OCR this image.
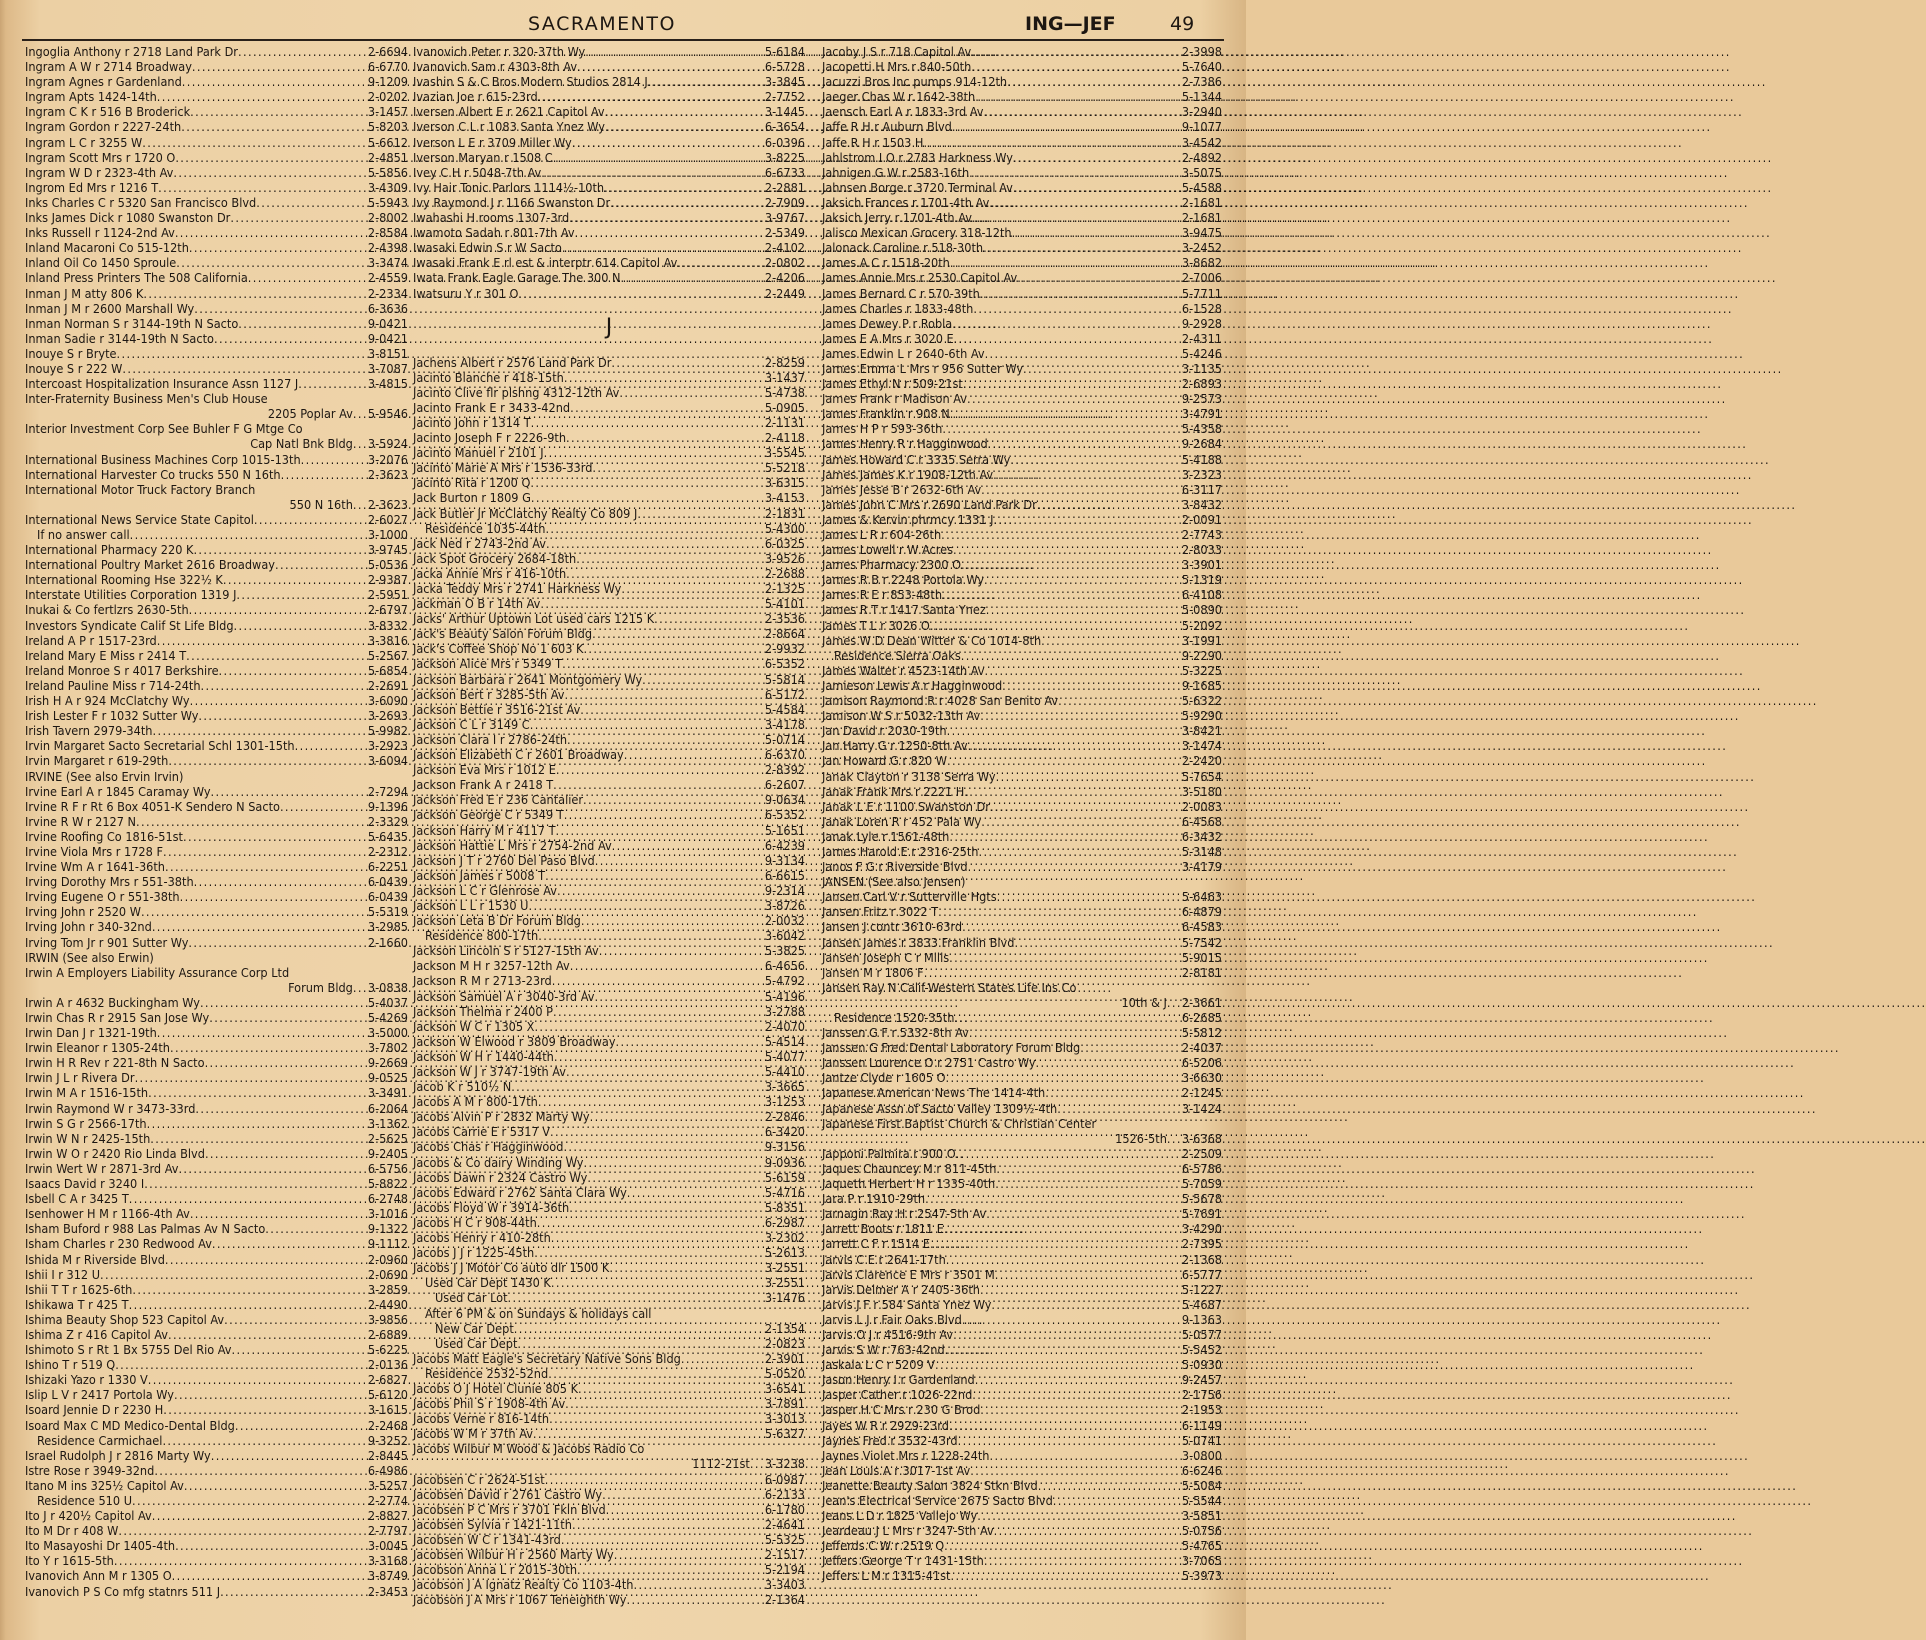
SACRAMENTO	ING—JEF	49
Ingoglia Anthony r 2718 Land Park Dr .....	2-6694
Ingram A W r 2714 Broadway .....	6-6770
Ingram Agnes r Gardenland .....	9-1209
Ingram Apts 1424-14th .....	2-0202
Ingram C K r 516 B Broderick .....	3-1457
Ingram Gordon r 2227-24th .....	5-8203
Ingram L C r 3255 W .....	5-6612
Ingram Scott Mrs r 1720 O .....	2-4851
Ingram W D r 2323-4th Av .....	5-5856
Ingrom Ed Mrs r 1216 T .....	3-4309
Inks Charles C r 5320 San Francisco Blvd .....	5-5943
Inks James Dick r 1080 Swanston Dr .....	2-8002
Inks Russell r 1124-2nd Av .....	2-8584
Inland Macaroni Co 515-12th .....	2-4398
Inland Oil Co 1450 Sproule .....	3-3474
Inland Press Printers The 508 California .....	2-4559
Inman J M atty 806 K .....	2-2334
Inman J M r 2600 Marshall Wy .....	6-3636
Inman Norman S r 3144-19th N Sacto .....	9-0421
Inman Sadie r 3144-19th N Sacto .....	9-0421
Inouye S r Bryte .....	3-8151
Inouye S r 222 W .....	3-7087
Intercoast Hospitalization Insurance Assn 1127 J .....	3-4815
Inter-Fraternity Business Men's Club House
2205 Poplar Av ..... 5-9546
Interior Investment Corp See Buhler F G Mtge Co
Cap Natl Bnk Bldg ..... 3-5924
International Business Machines Corp 1015-13th .....	3-2076
International Harvester Co trucks 550 N 16th .....	2-3623
International Motor Truck Factory Branch
550 N 16th ..... 2-3623
International News Service State Capitol .....	2-6027
If no answer call .....	3-1000
International Pharmacy 220 K .....	3-9745
International Poultry Market 2616 Broadway .....	5-0536
International Rooming Hse 322½ K .....	2-9387
Interstate Utilities Corporation 1319 J .....	2-5951
Inukai & Co fertlzrs 2630-5th .....	2-6797
Investors Syndicate Calif St Life Bldg .....	3-8332
Ireland A P r 1517-23rd .....	3-3816
Ireland Mary E Miss r 2414 T .....	5-2567
Ireland Monroe S r 4017 Berkshire .....	5-6854
Ireland Pauline Miss r 714-24th .....	2-2691
Irish H A r 924 McClatchy Wy .....	3-6090
Irish Lester F r 1032 Sutter Wy .....	3-2693
Irish Tavern 2979-34th .....	5-9982
Irvin Margaret Sacto Secretarial Schl 1301-15th .....	3-2923
Irvin Margaret r 619-29th .....	3-6094
IRVINE (See also Ervin Irvin)
Irvine Earl A r 1845 Caramay Wy .....	2-7294
Irvine R F r Rt 6 Box 4051-K Sendero N Sacto .....	9-1396
Irvine R W r 2127 N .....	2-3329
Irvine Roofing Co 1816-51st .....	5-6435
Irvine Viola Mrs r 1728 F .....	2-2312
Irvine Wm A r 1641-36th .....	6-2251
Irving Dorothy Mrs r 551-38th .....	6-0439
Irving Eugene O r 551-38th .....	6-0439
Irving John r 2520 W .....	5-5319
Irving John r 340-32nd .....	3-2985
Irving Tom Jr r 901 Sutter Wy .....	2-1660
IRWIN (See also Erwin)
Irwin A Employers Liability Assurance Corp Ltd
Forum Bldg ..... 3-0838
Irwin A r 4632 Buckingham Wy .....	5-4037
Irwin Chas R r 2915 San Jose Wy .....	5-4269
Irwin Dan J r 1321-19th .....	3-5000
Irwin Eleanor r 1305-24th .....	3-7802
Irwin H R Rev r 221-8th N Sacto .....	9-2669
Irwin J L r Rivera Dr .....	9-0525
Irwin M A r 1516-15th .....	3-3491
Irwin Raymond W r 3473-33rd .....	6-2064
Irwin S G r 2566-17th .....	3-1362
Irwin W N r 2425-15th .....	2-5625
Irwin W O r 2420 Rio Linda Blvd .....	9-2405
Irwin Wert W r 2871-3rd Av .....	6-5756
Isaacs David r 3240 I .....	5-8822
Isbell C A r 3425 T .....	6-2748
Isenhower H M r 1166-4th Av .....	3-1016
Isham Buford r 988 Las Palmas Av N Sacto .....	9-1322
Isham Charles r 230 Redwood Av .....	9-1112
Ishida M r Riverside Blvd .....	2-0960
Ishii I r 312 U .....	2-0690
Ishii T T r 1625-6th .....	3-2859
Ishikawa T r 425 T .....	2-4490
Ishima Beauty Shop 523 Capitol Av .....	3-9856
Ishima Z r 416 Capitol Av .....	2-6889
Ishimoto S r Rt 1 Bx 5755 Del Rio Av .....	5-6225
Ishino T r 519 Q .....	2-0136
Ishizaki Yazo r 1330 V .....	2-6827
Islip L V r 2417 Portola Wy .....	5-6120
Isoard Jennie D r 2230 H .....	3-1615
Isoard Max C MD Medico-Dental Bldg .....	2-2468
Residence Carmichael .....	9-3252
Israel Rudolph J r 2816 Marty Wy .....	2-8445
Istre Rose r 3949-32nd .....	6-4986
Itano M ins 325½ Capitol Av .....	3-5257
Residence 510 U .....	2-2774
Ito J r 420½ Capitol Av .....	2-8827
Ito M Dr r 408 W .....	2-7797
Ito Masayoshi Dr 1405-4th .....	3-0045
Ito Y r 1615-5th .....	3-3168
Ivanovich Ann M r 1305 O .....	3-8749
Ivanovich P S Co mfg statnrs 511 J .....	2-3453
Ivanovich Peter r 320-37th Wy .....	5-6184
Ivanovich Sam r 4303-8th Av .....	6-5728
Ivashin S & C Bros Modern Studios 2814 J .....	3-3845
Ivazian Joe r 615-23rd .....	2-7752
Iversen Albert E r 2621 Capitol Av .....	3-1445
Iverson C L r 1083 Santa Ynez Wy .....	6-3654
Iverson L E r 3709 Miller Wy .....	6-0396
Iverson Maryan r 1508 C .....	3-8225
Ivey C H r 5048-7th Av .....	6-6733
Ivy Hair Tonic Parlors 1114½-10th .....	2-2881
Ivy Raymond J r 1166 Swanston Dr .....	2-7909
Iwahashi H rooms 1307-3rd .....	3-9767
Iwamoto Sadah r 801-7th Av .....	2-5349
Iwasaki Edwin S r W Sacto .....	2-4102
Iwasaki Frank E rl est & interptr 614 Capitol Av .....	2-0802
Iwata Frank Eagle Garage The 300 N .....	2-4206
Iwatsuru Y r 301 O .....	2-2449
J
Jachens Albert r 2576 Land Park Dr .....	2-8259
Jacinto Blanche r 418-15th .....	3-1437
Jacinto Clive flr plshng 4312-12th Av .....	5-4738
Jacinto Frank E r 3433-42nd .....	5-0905
Jacinto John r 1314 T .....	2-1131
Jacinto Joseph F r 2226-9th .....	2-4118
Jacinto Manuel r 2101 J .....	3-5545
Jacinto Marie A Mrs r 1536-33rd .....	5-5218
Jacinto Rita r 1200 Q .....	3-6315
Jack Burton r 1809 G .....	3-4153
Jack Butler Jr McClatchy Realty Co 809 J .....	2-1831
Residence 1035-44th .....	5-4300
Jack Ned r 2743-2nd Av .....	6-0325
Jack Spot Grocery 2684-18th .....	3-9526
Jacka Annie Mrs r 416-10th .....	2-2688
Jacka Teddy Mrs r 2741 Harkness Wy .....	2-1325
Jackman O B r 14th Av .....	5-4101
Jacks' Arthur Uptown Lot used cars 1215 K .....	2-3536
Jack's Beauty Salon Forum Bldg .....	2-8664
Jack's Coffee Shop No 1 603 K .....	2-9932
Jackson Alice Mrs r 5349 T .....	6-5352
Jackson Barbara r 2641 Montgomery Wy .....	5-5814
Jackson Bert r 3285-5th Av .....	6-5172
Jackson Bettie r 3516-21st Av .....	5-4584
Jackson C L r 3149 C .....	3-4178
Jackson Clara I r 2786-24th .....	5-0714
Jackson Elizabeth C r 2601 Broadway .....	6-6370
Jackson Eva Mrs r 1012 E .....	2-8392
Jackson Frank A r 2418 T .....	6-2607
Jackson Fred E r 236 Cantalier .....	9-0634
Jackson George C r 5349 T .....	6-5352
Jackson Harry M r 4117 T .....	5-1651
Jackson Hattie L Mrs r 2754-2nd Av .....	6-4239
Jackson J T r 2760 Del Paso Blvd .....	9-3134
Jackson James r 5008 T .....	6-6615
Jackson L C r Glenrose Av .....	9-2314
Jackson L L r 1530 U .....	3-8726
Jackson Leta B Dr Forum Bldg .....	2-0032
Residence 800-17th .....	3-6042
Jackson Lincoln S r 5127-15th Av .....	5-3825
Jackson M H r 3257-12th Av .....	6-4656
Jackson R M r 2713-23rd .....	5-4792
Jackson Samuel A r 3040-3rd Av .....	5-4196
Jackson Thelma r 2400 P .....	3-2788
Jackson W C r 1305 X .....	2-4070
Jackson W Elwood r 3809 Broadway .....	5-4514
Jackson W H r 1440-44th .....	5-4077
Jackson W J r 3747-19th Av .....	5-4410
Jacob K r 510½ N .....	3-3665
Jacobs A M r 800-17th .....	3-1253
Jacobs Alvin P r 2832 Marty Wy .....	2-2846
Jacobs Carrie E r 5317 V .....	6-3420
Jacobs Chas r Hagginwood .....	9-3156
Jacobs & Co dairy Winding Wy .....	9-0936
Jacobs Dawn r 2324 Castro Wy .....	5-6159
Jacobs Edward r 2762 Santa Clara Wy .....	5-4716
Jacobs Floyd W r 3914-36th .....	5-8351
Jacobs H C r 908-44th .....	6-2987
Jacobs Henry r 410-28th .....	3-2302
Jacobs J J r 1225-45th .....	5-2613
Jacobs J J Motor Co auto dlr 1500 K .....	3-2551
Used Car Dept 1430 K .....	3-2551
Used Car Lot .....	3-1476
After 6 PM & on Sundays & holidays call
New Car Dept .....	2-1354
Used Car Dept .....	2-0823
Jacobs Matt Eagle's Secretary Native Sons Bldg .....	2-3901
Residence 2532-52nd .....	5-0520
Jacobs O J Hotel Clunie 805 K .....	3-6541
Jacobs Phil S r 1908-4th Av .....	3-7891
Jacobs Verne r 816-14th .....	3-3013
Jacobs W M r 37th Av .....	5-6327
Jacobs Wilbur M Wood & Jacobs Radio Co
1112-21st ..... 3-3238
Jacobsen C r 2624-51st .....	6-0987
Jacobsen David r 2761 Castro Wy .....	6-2133
Jacobsen P C Mrs r 3701 Fkln Blvd .....	6-1780
Jacobsen Sylvia r 1421-11th .....	2-4641
Jacobsen W C r 1341-43rd .....	5-5325
Jacobsen Wilbur H r 2560 Marty Wy .....	2-1517
Jacobson Anna L r 2015-30th .....	5-2194
Jacobson J A Ignatz Realty Co 1103-4th .....	3-3403
Jacobson J A Mrs r 1067 Teneighth Wy .....	2-1364
Jacoby J S r 718 Capitol Av .....	2-3998
Jacopetti H Mrs r 840-50th .....	5-7640
Jacuzzi Bros Inc pumps 914-12th .....	2-7386
Jaeger Chas W r 1642-38th .....	5-1344
Jaensch Earl A r 1833-3rd Av .....	3-2940
Jaffe R H r Auburn Blvd .....	9-1077
Jaffe R H r 1503 H .....	3-4542
Jahlstrom I O r 2783 Harkness Wy .....	2-4892
Jahnigen G W r 2583-16th .....	3-5075
Jahnsen Borge r 3720 Terminal Av .....	5-4588
Jaksich Frances r 1701-4th Av .....	2-1681
Jaksich Jerry r 1701-4th Av .....	2-1681
Jalisco Mexican Grocery 318-12th .....	3-9475
Jalonack Caroline r 518-30th .....	3-2452
James A C r 1518-20th .....	3-8682
James Annie Mrs r 2530 Capitol Av .....	2-7006
James Bernard C r 570-39th .....	5-7711
James Charles r 1833-48th .....	6-1528
James Dewey P r Robla .....	9-2928
James E A Mrs r 3020 E .....	2-4311
James Edwin L r 2640-6th Av .....	5-4246
James Emma L Mrs r 956 Sutter Wy .....	3-1135
James Ethyl N r 509-21st .....	2-6893
James Frank r Madison Av .....	9-2573
James Franklin r 908 N .....	3-4791
James H P r 593-36th .....	5-4358
James Henry R r Hagginwood .....	9-2684
James Howard C r 3335 Serra Wy .....	5-4188
James James K r 1908-12th Av .....	3-2323
James Jesse B r 2632-6th Av .....	6-3117
James John C Mrs r 2690 Land Park Dr .....	3-8432
James & Kervin phrmcy 1331 J .....	2-0091
James L R r 604-26th .....	2-7743
James Lowell r W Acres .....	2-8033
James Pharmacy 2300 O .....	3-3901
James R B r 2248 Portola Wy .....	5-1319
James R E r 853-48th .....	6-4108
James R T r 1417 Santa Ynez .....	5-0890
James T L r 3026 O .....	5-2092
James W D Dean Witter & Co 1014-8th .....	3-1991
Residence Sierra Oaks .....	9-2290
James Walter r 4523-14th Av .....	5-3225
Jamieson Lewis A r Hagginwood .....	9-1685
Jamison Raymond R r 4028 San Benito Av .....	5-6322
Jamison W S r 5032-13th Av .....	5-9290
Jan David r 2030-19th .....	3-8421
Jan Harry G r 1250-8th Av .....	3-1474
Jan Howard G r 820 W .....	2-2420
Janak Clayton r 3138 Serra Wy .....	5-7654
Janak Frank Mrs r 2221 H .....	3-5180
Janak L E r 1100 Swanston Dr .....	2-0083
Janak Loren R r 452 Pala Wy .....	6-4568
Janak Lyle r 1561-48th .....	6-3432
James Harold E r 2316-25th .....	5-3148
Janos F G r Riverside Blvd .....	3-4179
JANSEN (See also Jensen)
Jansen Carl V r Sutterville Hgts .....	5-6463
Jansen Fritz r 3022 T .....	6-4879
Jansen J contr 3610-63rd .....	6-4583
Jansen James r 3833 Franklin Blvd .....	5-7542
Jansen Joseph C r Mills .....	5-9015
Jansen M r 1806 F .....	2-8181
Jansen Ray N Calif-Western States Life Ins Co
10th & J ..... 2-3661
Residence 1520-35th .....	6-2685
Janssen G F r 5332-8th Av .....	5-5812
Janssen G Fred Dental Laboratory Forum Bldg .....	2-4037
Janssen Lourence O r 2751 Castro Wy .....	6-5206
Jantze Clyde r 1605 O .....	3-6630
Japanese American News The 1414-4th .....	2-1245
Japanese Assn of Sacto Valley 1309½-4th .....	3-1424
Japanese First Baptist Church & Christian Center
1526-5th ..... 3-6368
Japponi Palmira r 900 O .....	2-2509
Jaques Chauncey M r 811-45th .....	6-5786
Jaqueth Herbert H r 1335-40th .....	5-7059
Jara P r 1910-29th .....	5-5678
Jarnagin Ray H r 2547-5th Av .....	5-7691
Jarrett Boots r 1811 E .....	3-4290
Jarrett C F r 1514 E .....	2-7395
Jarvis C E r 2641-17th .....	2-1368
Jarvis Clarence E Mrs r 3501 M .....	6-5777
Jarvis Delmer A r 2405-36th .....	5-1227
Jarvis J F r 584 Santa Ynez Wy .....	5-4687
Jarvis L J r Fair Oaks Blvd .....	9-1363
Jarvis O J r 4516-9th Av .....	5-0577
Jarvis S W r 763-42nd .....	5-5452
Jaskala L C r 5209 V .....	5-0930
Jason Henry I r Gardenland .....	9-2457
Jasper Cather r 1026-22nd .....	2-1756
Jasper H C Mrs r 230 G Brod .....	2-1953
Jayes W R r 2929-23rd .....	6-1149
Jaynes Fred r 3532-43rd .....	5-0741
Jaynes Violet Mrs r 1228-24th .....	3-0800
Jean Louis A r 3017-1st Av .....	6-6246
Jeanette Beauty Salon 3824 Stkn Blvd .....	5-5084
Jean's Electrical Service 2675 Sacto Blvd .....	5-5544
Jeans L D r 1825 Vallejo Wy .....	3-5851
Jeardeau J L Mrs r 3247-5th Av .....	5-0756
Jefferds C W r 2519 Q .....	5-4765
Jeffers George T r 1431-15th .....	3-7065
Jeffers L M r 1315-41st .....	5-3973
